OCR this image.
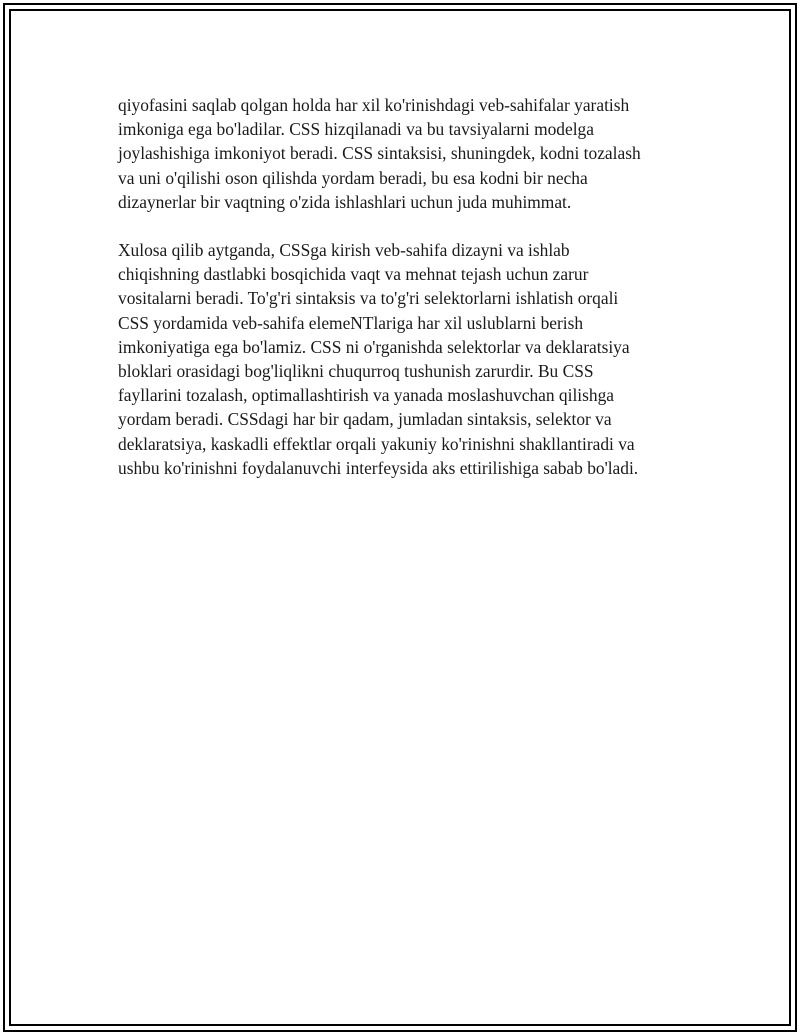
qiyofasini saqlab qolgan holda har xil ko'rinishdagi veb-sahifalar yaratish
imkoniga ega bo'ladilar. CSS hizqilanadi va bu tavsiyalarni modelga
joylashishiga imkoniyot beradi. CSS sintaksisi, shuningdek, kodni tozalash
va uni o'qilishi oson qilishda yordam beradi, bu esa kodni bir necha
dizaynerlar bir vaqtning o'zida ishlashlari uchun juda muhimmat.

Xulosa qilib aytganda, CSSga kirish veb-sahifa dizayni va ishlab
chiqishning dastlabki bosqichida vaqt va mehnat tejash uchun zarur
vositalarni beradi. To'g'ri sintaksis va to'g'ri selektorlarni ishlatish orqali
CSS yordamida veb-sahifa elemeNTlariga har xil uslublarni berish
imkoniyatiga ega bo'lamiz. CSS ni o'rganishda selektorlar va deklaratsiya
bloklari orasidagi bog'liqlikni chuqurroq tushunish zarurdir. Bu CSS
fayllarini tozalash, optimallashtirish va yanada moslashuvchan qilishga
yordam beradi. CSSdagi har bir qadam, jumladan sintaksis, selektor va
deklaratsiya, kaskadli effektlar orqali yakuniy ko'rinishni shakllantiradi va
ushbu ko'rinishni foydalanuvchi interfeysida aks ettirilishiga sabab bo'ladi.
